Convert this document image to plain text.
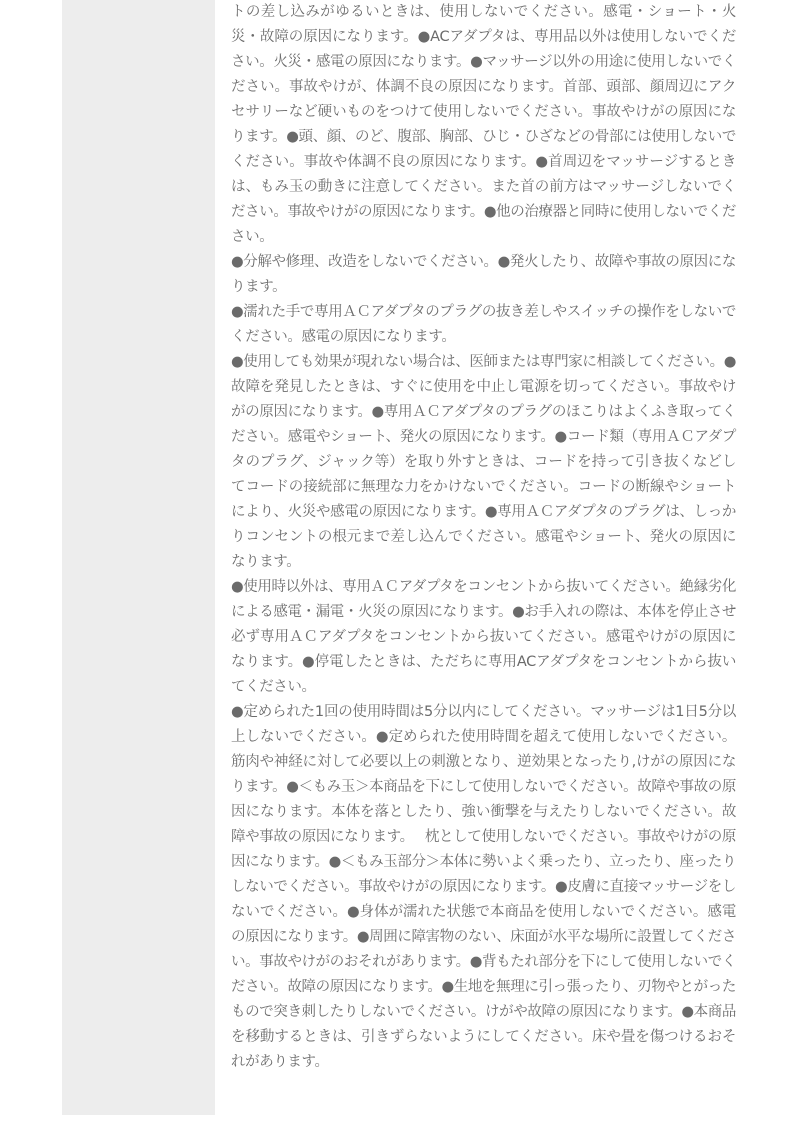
トの差し込みがゆるいときは、使用しないでください。感電・ショート・火災・故障の原因になります。●ACアダプタは、専用品以外は使用しないでください。火災・感電の原因になります。●マッサージ以外の用途に使用しないでください。事故やけが、体調不良の原因になります。首部、頭部、顔周辺にアクセサリーなど硬いものをつけて使用しないでください。事故やけがの原因になります。●頭、顔、のど、腹部、胸部、ひじ・ひざなどの骨部には使用しないでください。事故や体調不良の原因になります。●首周辺をマッサージするときは、もみ玉の動きに注意してください。また首の前方はマッサージしないでください。事故やけがの原因になります。●他の治療器と同時に使用しないでください。

●分解や修理、改造をしないでください。●発火したり、故障や事故の原因になります。

●濡れた手で専用ＡＣアダプタのプラグの抜き差しやスイッチの操作をしないでください。感電の原因になります。

●使用しても効果が現れない場合は、医師または専門家に相談してください。●故障を発見したときは、すぐに使用を中止し電源を切ってください。事故やけがの原因になります。●専用ＡＣアダプタのプラグのほこりはよくふき取ってください。感電やショート、発火の原因になります。●コード類（専用ＡＣアダプタのプラグ、ジャック等）を取り外すときは、コードを持って引き抜くなどしてコードの接続部に無理な力をかけないでください。コードの断線やショートにより、火災や感電の原因になります。●専用ＡＣアダプタのプラグは、しっかりコンセントの根元まで差し込んでください。感電やショート、発火の原因になります。

●使用時以外は、専用ＡＣアダプタをコンセントから抜いてください。絶縁劣化による感電・漏電・火災の原因になります。●お手入れの際は、本体を停止させ必ず専用ＡＣアダプタをコンセントから抜いてください。感電やけがの原因になります。●停電したときは、ただちに専用ACアダプタをコンセントから抜いてください。

●定められた1回の使用時間は5分以内にしてください。マッサージは1日5分以上しないでください。●定められた使用時間を超えて使用しないでください。筋肉や神経に対して必要以上の刺激となり、逆効果となったり,けがの原因になります。●＜もみ玉＞本商品を下にして使用しないでください。故障や事故の原因になります。本体を落としたり、強い衝撃を与えたりしないでください。故障や事故の原因になります。　 枕として使用しないでください。事故やけがの原因になります。●＜もみ玉部分＞本体に勢いよく乗ったり、立ったり、座ったりしないでください。事故やけがの原因になります。●皮膚に直接マッサージをしないでください。●身体が濡れた状態で本商品を使用しないでください。感電の原因になります。●周囲に障害物のない、床面が水平な場所に設置してください。事故やけがのおそれがあります。●背もたれ部分を下にして使用しないでください。故障の原因になります。●生地を無理に引っ張ったり、刃物やとがったもので突き刺したりしないでください。けがや故障の原因になります。●本商品を移動するときは、引きずらないようにしてください。床や畳を傷つけるおそれがあります。
